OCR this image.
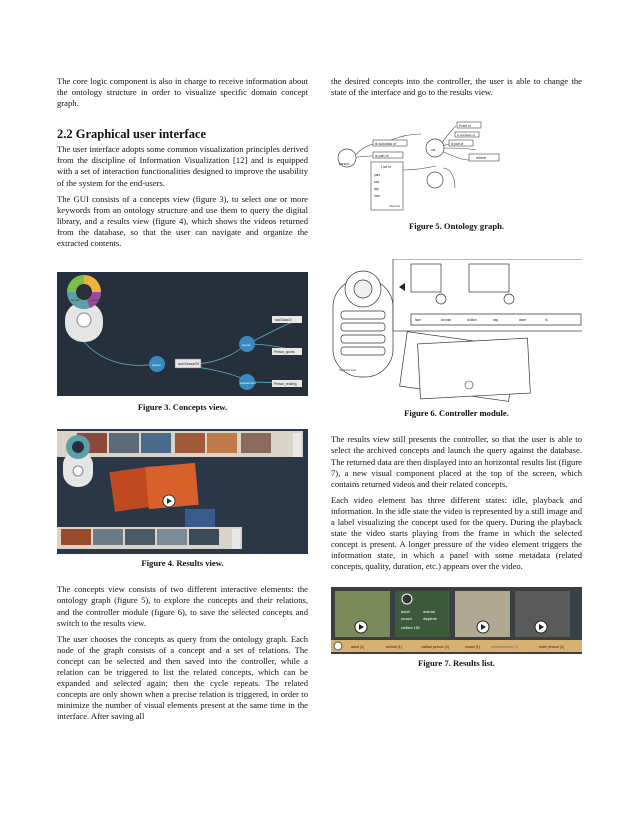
The core logic component is also in charge to receive information about the ontology structure in order to visualize specific domain concept graph.

2.2 Graphical user interface

The user interface adopts some common visualization principles derived from the discipline of Information Visualization [12] and is equipped with a set of interaction functionalities designed to improve the usability of the system for the end-users.

The GUI consists of a concepts view (figure 3), to select one or more keywords from an ontology structure and use them to query the digital library, and a results view (figure 4), which shows the videos returned from the database, so that the user can navigate and organize the extracted contents.

sports	entertainment
places	subClassOf
sports
entertainment
subClassOf
Person_sports
Person_reading
Figure 3. Concepts view.
Figure 4. Results view.

The concepts view consists of two different interactive elements: the ontology graph (figure 5), to explore the concepts and their relations, and the controller module (figure 6), to save the selected concepts and switch to the results view.

The user chooses the concepts as query from the ontology graph. Each node of the graph consists of a concept and a set of relations. The concept can be selected and then saved into the controller, while a relation can be triggered to list the related concepts, which can be expanded and selected again; then the cycle repeats. The related concepts are only shown when a precise relation is triggered, in order to minimize the number of visual elements present at the same time in the interface. After saving all

the desired concepts into the controller, the user is able to change the state of the interface and go to the results view.

person
is subclass of
is part of
Live in
park
sea
sky
river
Clear list
car
is part of
where
Event of
is subclass of
Figure 5. Ontology graph.
face	woman	civilian	day	atom	fo
Concept List
Figure 6. Controller module.

The results view still presents the controller, so that the user is able to select the archived concepts and launch the query against the database. The returned data are then displayed into an horizontal results list (figure 7), a new visual component placed at the top of the screen, which contains returned videos and their related concepts.

Each video element has three different states: idle, playback and information. In the idle state the video is represented by a still image and a label visualizing the concept used for the query. During the playback state the video starts playing from the frame in which the selected concept is present. A longer pressure of the video element triggers the information state, in which a panel with some metadata (related concepts, quality, duration, etc.) appears over the video.

adult	animal
crowd	daytime
civilians 156
adult (1)	animal (1)	civilian person (1)	crowd (1)	entertainment (1)	male person (1)
Figure 7. Results list.
